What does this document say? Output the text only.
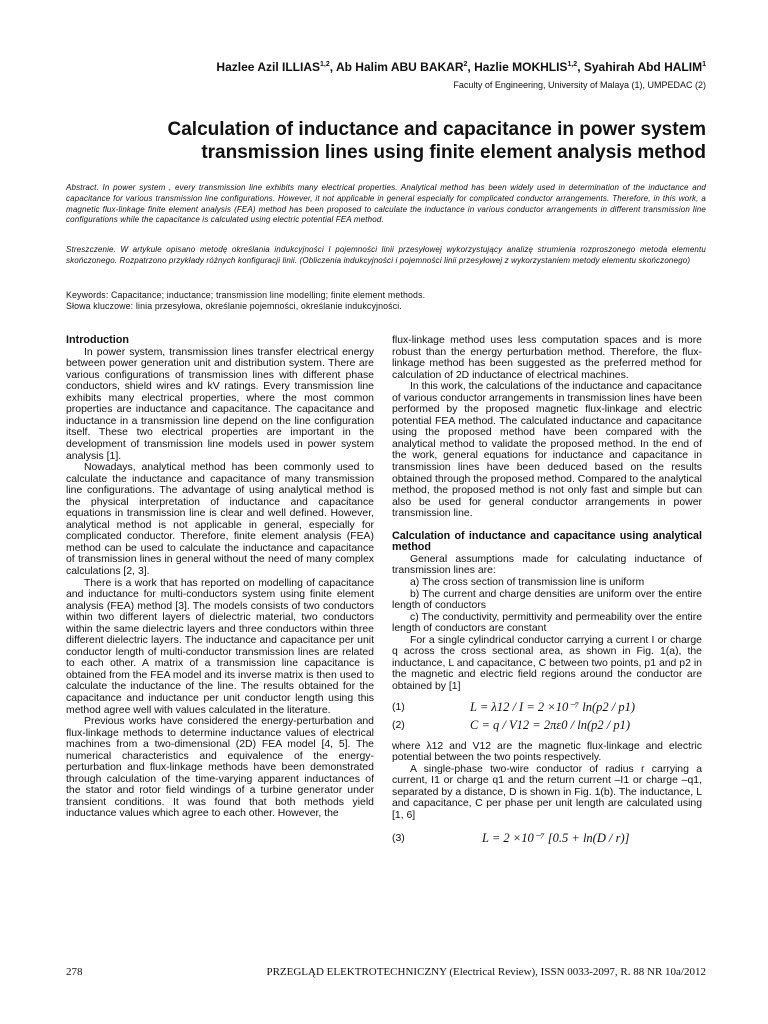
Hazlee Azil ILLIAS$^{1,2}$, Ab Halim ABU BAKAR$^2$, Hazlie MOKHLIS$^{1,2}$, Syahirah Abd HALIM$^1$
Faculty of Engineering, University of Malaya (1), UMPEDAC (2)
Calculation of inductance and capacitance in power system transmission lines using finite element analysis method
Abstract. In power system , every transmission line exhibits many electrical properties. Analytical method has been widely used in determination of the inductance and capacitance for various transmission line configurations. However, it not applicable in general especially for complicated conductor arrangements. Therefore, in this work, a magnetic flux-linkage finite element analysis (FEA) method has been proposed to calculate the inductance in various conductor arrangements in different transmission line configurations while the capacitance is calculated using electric potential FEA method.
Streszczenie. W artykule opisano metodę określania indukcyjności I pojemności linii przesyłowej wykorzystujący analizę strumienia rozproszonego metoda elementu skończonego. Rozpatrzono przykłady różnych konfiguracji linii. (Obliczenia indukcyjności i pojemności linii przesyłowej z wykorzystaniem metody elementu skończonego)
Keywords: Capacitance; inductance; transmission line modelling; finite element methods.
Słowa kluczowe: linia przesyłowa, określanie pojemności, określanie indukcyjności.
Introduction

In power system, transmission lines transfer electrical energy between power generation unit and distribution system. There are various configurations of transmission lines with different phase conductors, shield wires and kV ratings. Every transmission line exhibits many electrical properties, where the most common properties are inductance and capacitance. The capacitance and inductance in a transmission line depend on the line configuration itself. These two electrical properties are important in the development of transmission line models used in power system analysis [1].

Nowadays, analytical method has been commonly used to calculate the inductance and capacitance of many transmission line configurations. The advantage of using analytical method is the physical interpretation of inductance and capacitance equations in transmission line is clear and well defined. However, analytical method is not applicable in general, especially for complicated conductor. Therefore, finite element analysis (FEA) method can be used to calculate the inductance and capacitance of transmission lines in general without the need of many complex calculations [2, 3].

There is a work that has reported on modelling of capacitance and inductance for multi-conductors system using finite element analysis (FEA) method [3]. The models consists of two conductors within two different layers of dielectric material, two conductors within the same dielectric layers and three conductors within three different dielectric layers. The inductance and capacitance per unit conductor length of multi-conductor transmission lines are related to each other. A matrix of a transmission line capacitance is obtained from the FEA model and its inverse matrix is then used to calculate the inductance of the line. The results obtained for the capacitance and inductance per unit conductor length using this method agree well with values calculated in the literature.

Previous works have considered the energy-perturbation and flux-linkage methods to determine inductance values of electrical machines from a two-dimensional (2D) FEA model [4, 5]. The numerical characteristics and equivalence of the energy-perturbation and flux-linkage methods have been demonstrated through calculation of the time-varying apparent inductances of the stator and rotor field windings of a turbine generator under transient conditions. It was found that both methods yield inductance values which agree to each other. However, the

flux-linkage method uses less computation spaces and is more robust than the energy perturbation method. Therefore, the flux-linkage method has been suggested as the preferred method for calculation of 2D inductance of electrical machines.

In this work, the calculations of the inductance and capacitance of various conductor arrangements in transmission lines have been performed by the proposed magnetic flux-linkage and electric potential FEA method. The calculated inductance and capacitance using the proposed method have been compared with the analytical method to validate the proposed method. In the end of the work, general equations for inductance and capacitance in transmission lines have been deduced based on the results obtained through the proposed method. Compared to the analytical method, the proposed method is not only fast and simple but can also be used for general conductor arrangements in power transmission line.

Calculation of inductance and capacitance using analytical method

General assumptions made for calculating inductance of transmission lines are:

a) The cross section of transmission line is uniform

b) The current and charge densities are uniform over the entire length of conductors

c) The conductivity, permittivity and permeability over the entire length of conductors are constant

For a single cylindrical conductor carrying a current I or charge q across the cross sectional area, as shown in Fig. 1(a), the inductance, L and capacitance, C between two points, p1 and p2 in the magnetic and electric field regions around the conductor are obtained by [1]

(1)	L = λ12 / I = 2 ×10⁻⁷ ln(p2 / p1)
(2)	C = q / V12 = 2πε0 / ln(p2 / p1)

where λ12 and V12 are the magnetic flux-linkage and electric potential between the two points respectively.

A single-phase two-wire conductor of radius r carrying a current, I1 or charge q1 and the return current –I1 or charge –q1, separated by a distance, D is shown in Fig. 1(b). The inductance, L and capacitance, C per phase per unit length are calculated using [1, 6]

(3)	L = 2 ×10⁻⁷ [0.5 + ln(D / r)]
278	PRZEGLĄD ELEKTROTECHNICZNY (Electrical Review), ISSN 0033-2097, R. 88 NR 10a/2012
